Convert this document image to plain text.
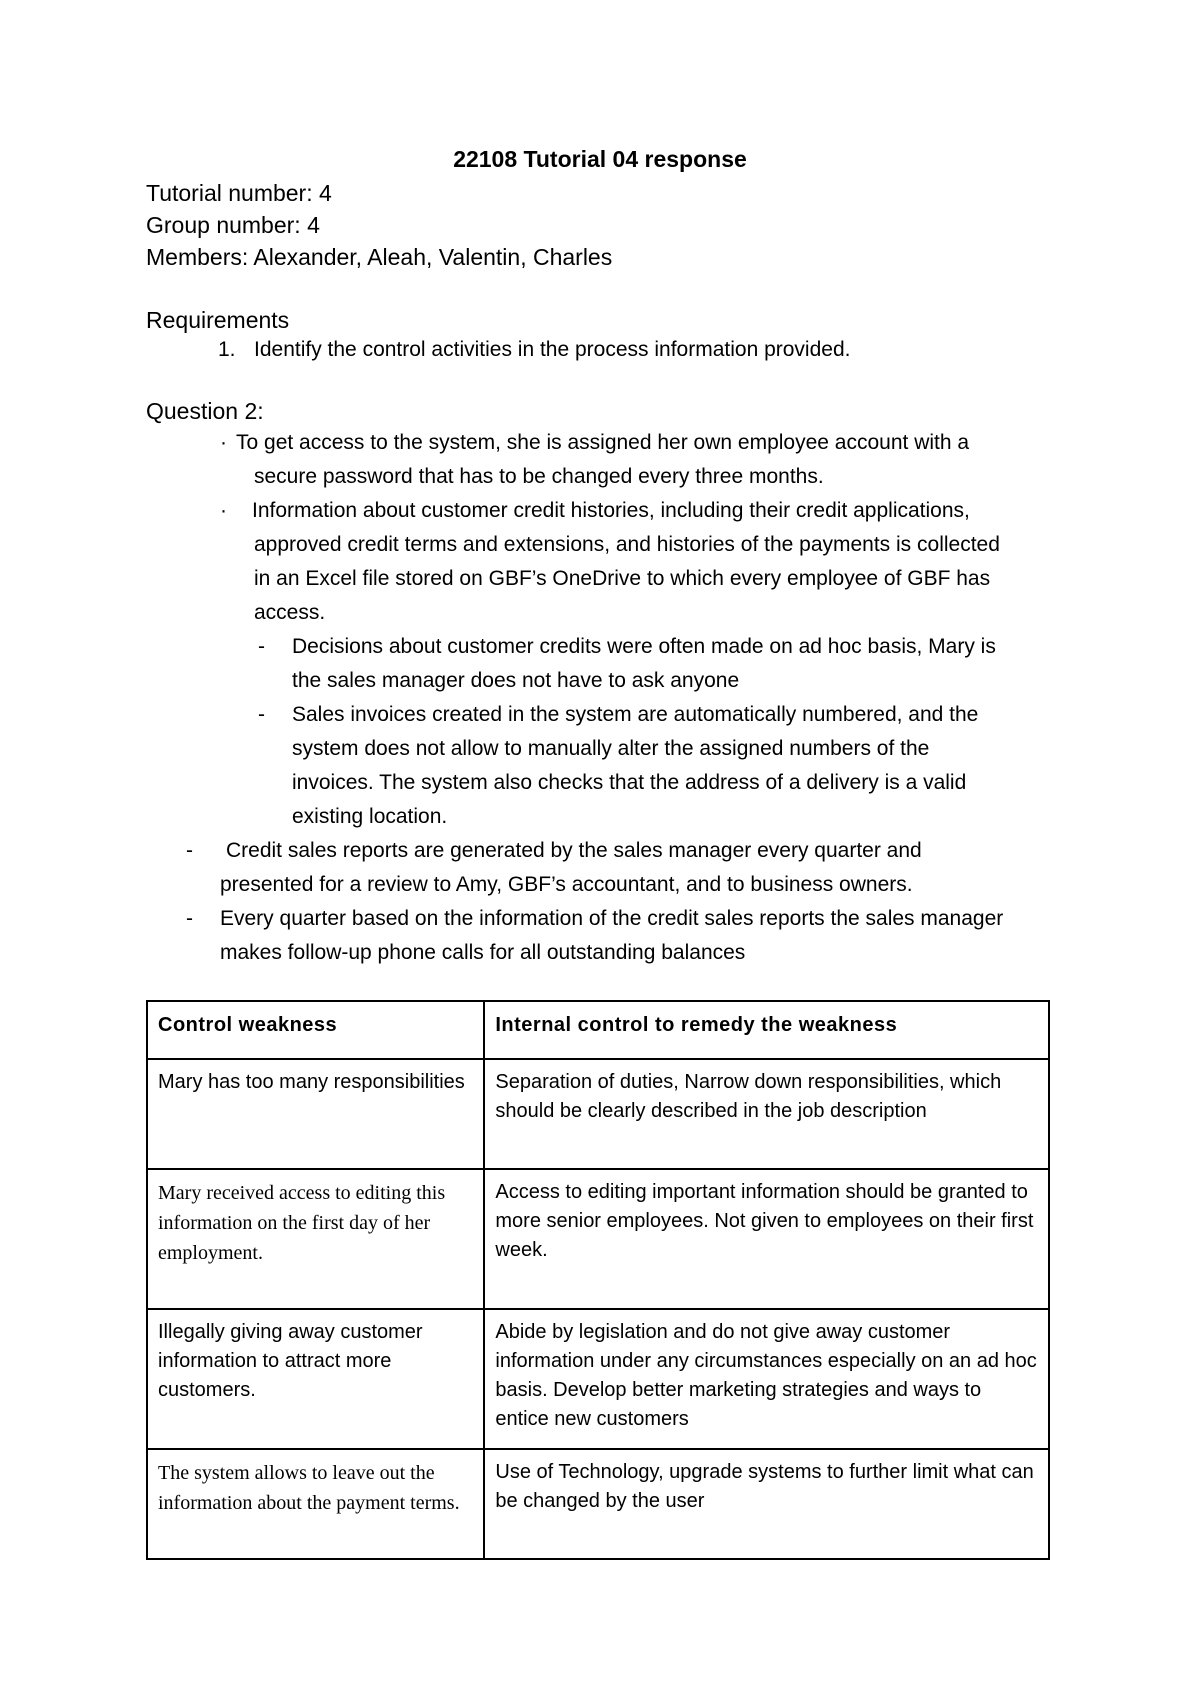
22108 Tutorial 04 response
Tutorial number: 4
Group number: 4
Members: Alexander, Aleah, Valentin, Charles
Requirements
1. Identify the control activities in the process information provided.
Question 2:
· To get access to the system, she is assigned her own employee account with a
secure password that has to be changed every three months.
· Information about customer credit histories, including their credit applications,
approved credit terms and extensions, and histories of the payments is collected
in an Excel file stored on GBF’s OneDrive to which every employee of GBF has
access.
- Decisions about customer credits were often made on ad hoc basis, Mary is
the sales manager does not have to ask anyone
- Sales invoices created in the system are automatically numbered, and the
system does not allow to manually alter the assigned numbers of the
invoices. The system also checks that the address of a delivery is a valid
existing location.
- Credit sales reports are generated by the sales manager every quarter and
presented for a review to Amy, GBF’s accountant, and to business owners.
- Every quarter based on the information of the credit sales reports the sales manager
makes follow-up phone calls for all outstanding balances
Control weakness	Internal control to remedy the weakness
Mary has too many responsibilities	Separation of duties, Narrow down responsibilities, which should be clearly described in the job description
Mary received access to editing this information on the first day of her employment.	Access to editing important information should be granted to more senior employees. Not given to employees on their first week.
Illegally giving away customer information to attract more customers.	Abide by legislation and do not give away customer information under any circumstances especially on an ad hoc basis. Develop better marketing strategies and ways to entice new customers
The system allows to leave out the information about the payment terms.	Use of Technology, upgrade systems to further limit what can be changed by the user
